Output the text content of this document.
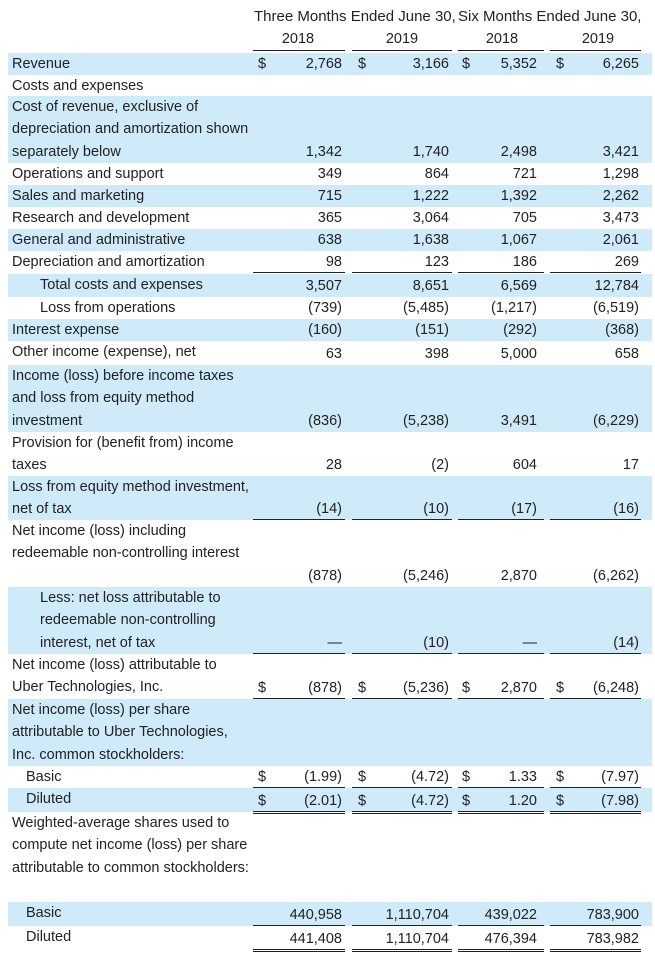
Three Months Ended June 30, Six Months Ended June 30,
2018	2019	2018	2019
Revenue	$	2,768 $	3,166 $ 5,352 $	6,265
Costs and expenses
Cost of revenue, exclusive of depreciation and amortization shown separately below	1,342	1,740	2,498	3,421
Operations and support	349	864	721	1,298
Sales and marketing	715	1,222	1,392	2,262
Research and development	365	3,064	705	3,473
General and administrative	638	1,638	1,067	2,061
Depreciation and amortization	98	123	186	269
Total costs and expenses	3,507	8,651	6,569	12,784
Loss from operations	(739)	(5,485)	(1,217)	(6,519)
Interest expense	(160)	(151)	(292)	(368)
Other income (expense), net	63	398	5,000	658
Income (loss) before income taxes and loss from equity method investment	(836)	(5,238)	3,491	(6,229)
Provision for (benefit from) income taxes	28	(2)	604	17
Loss from equity method investment, net of tax	(14)	(10)	(17)	(16)
Net income (loss) including redeemable non-controlling interest
(878)	(5,246)	2,870	(6,262)
Less: net loss attributable to redeemable non-controlling interest, net of tax	—	(10)	—	(14)
Net income (loss) attributable to Uber Technologies, Inc.	$	(878) $	(5,236) $ 2,870 $ (6,248)
Net income (loss) per share attributable to Uber Technologies, Inc. common stockholders:
Basic	$	(1.99) $	(4.72) $	1.33 $	(7.97)
Diluted	$	(2.01) $	(4.72) $	1.20 $	(7.98)
Weighted-average shares used to compute net income (loss) per share attributable to common stockholders:
Basic	440,958	1,110,704 439,022	783,900
Diluted	441,408	1,110,704 476,394	783,982
